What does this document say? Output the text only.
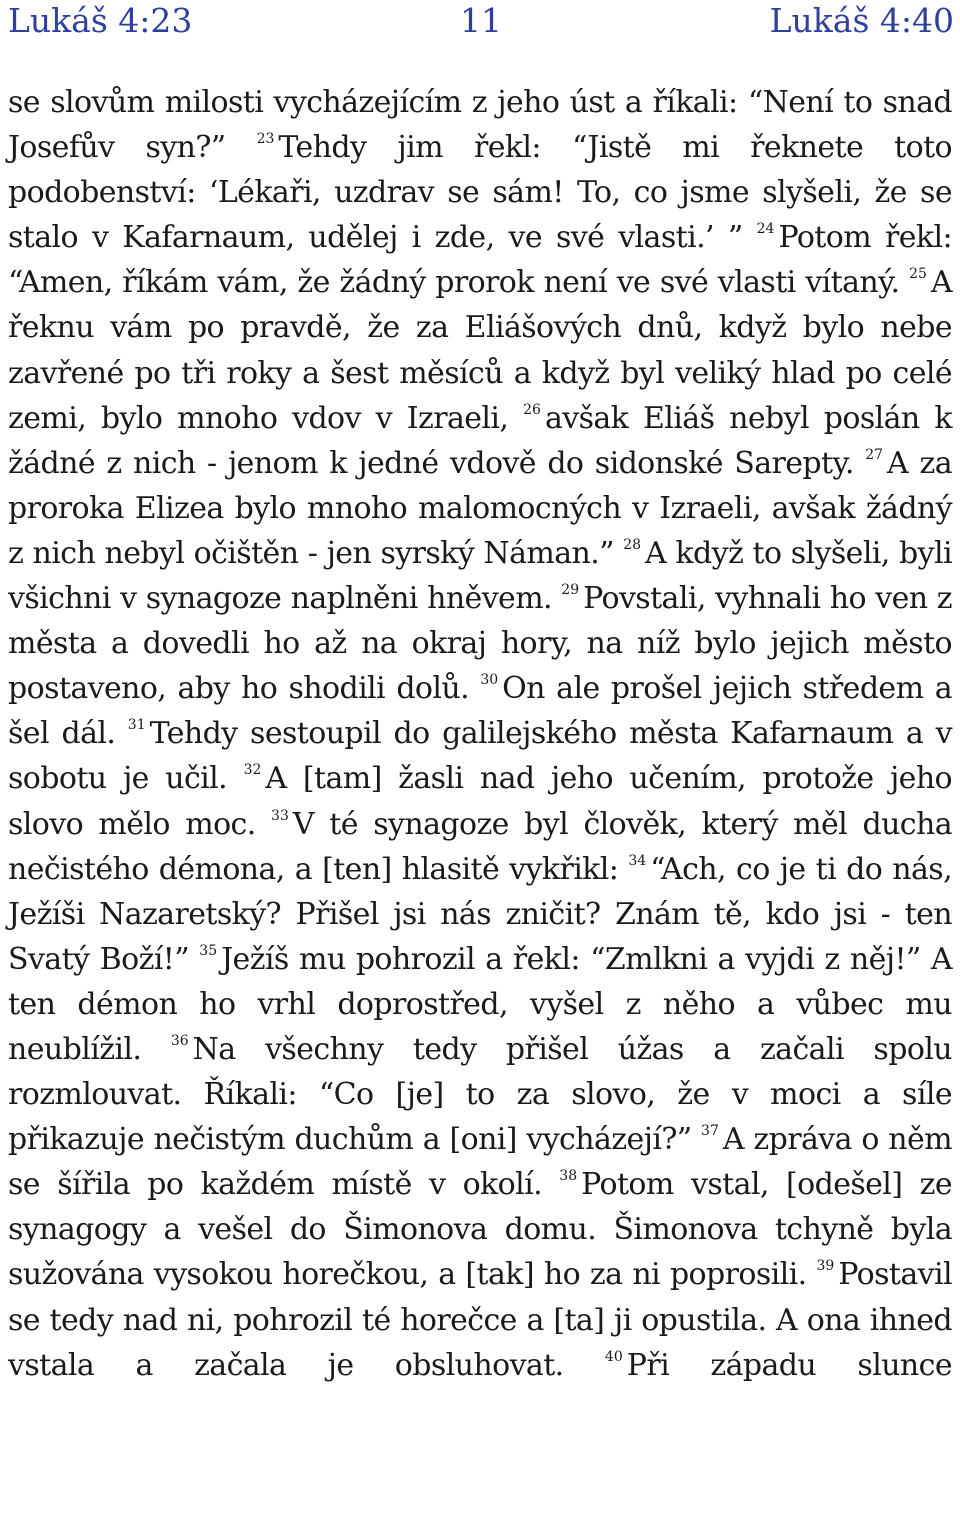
Lukáš 4:23	11	Lukáš 4:40
se slovům milosti vycházejícím z jeho úst a říkali: “Není to snad Josefův syn?” $^{23}$ Tehdy jim řekl: “Jistě mi řeknete toto podobenství: ‘Lékaři, uzdrav se sám! To, co jsme slyšeli, že se stalo v Kafarnaum, udělej i zde, ve své vlasti.’ ” $^{24}$ Potom řekl: “Amen, říkám vám, že žádný prorok není ve své vlasti vítaný. $^{25}$ A řeknu vám po pravdě, že za Eliášových dnů, když bylo nebe zavřené po tři roky a šest měsíců a když byl veliký hlad po celé zemi, bylo mnoho vdov v Izraeli, $^{26}$ avšak Eliáš nebyl poslán k žádné z nich - jenom k jedné vdově do sidonské Sarepty. $^{27}$ A za proroka Elizea bylo mnoho malomocných v Izraeli, avšak žádný z nich nebyl očištěn - jen syrský Náman.” $^{28}$ A když to slyšeli, byli všichni v synagoze naplněni hněvem. $^{29}$ Povstali, vyhnali ho ven z města a dovedli ho až na okraj hory, na níž bylo jejich město postaveno, aby ho shodili dolů. $^{30}$ On ale prošel jejich středem a šel dál. $^{31}$ Tehdy sestoupil do galilejského města Kafarnaum a v sobotu je učil. $^{32}$ A [tam] žasli nad jeho učením, protože jeho slovo mělo moc. $^{33}$ V té synagoze byl člověk, který měl ducha nečistého démona, a [ten] hlasitě vykřikl: $^{34}$ “Ach, co je ti do nás, Ježíši Nazaretský? Přišel jsi nás zničit? Znám tě, kdo jsi - ten Svatý Boží!” $^{35}$ Ježíš mu pohrozil a řekl: “Zmlkni a vyjdi z něj!” A ten démon ho vrhl doprostřed, vyšel z něho a vůbec mu neublížil. $^{36}$ Na všechny tedy přišel úžas a začali spolu rozmlouvat. Říkali: “Co [je] to za slovo, že v moci a síle přikazuje nečistým duchům a [oni] vycházejí?” $^{37}$ A zpráva o něm se šířila po každém místě v okolí. $^{38}$ Potom vstal, [odešel] ze synagogy a vešel do Šimonova domu. Šimonova tchyně byla sužována vysokou horečkou, a [tak] ho za ni poprosili. $^{39}$ Postavil se tedy nad ni, pohrozil té horečce a [ta] ji opustila. A ona ihned vstala a začala je obsluhovat.	$^{40}$ Při západu slunce
